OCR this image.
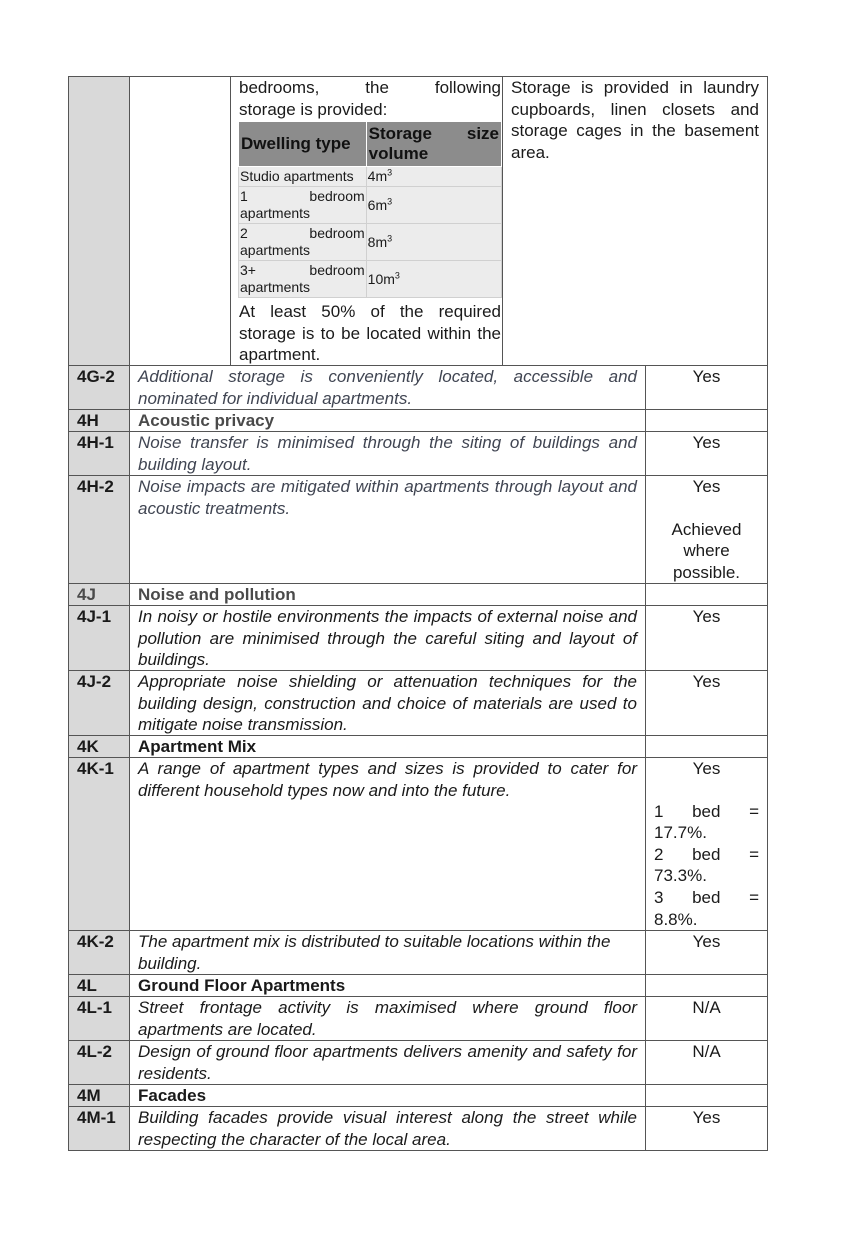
bedrooms,	the	following
storage is provided:
Dwelling type	Storage size volume
Studio apartments	$4m^3$

1 bedroom
apartments	$6m^3$

2 bedroom
apartments	$8m^3$

3+ bedroom
apartments	$10m^3$

At least 50% of the required storage is to be located within the apartment.

Storage is provided in laundry cupboards, linen closets and storage cages in the basement area.
4G-2	Additional storage is conveniently located, accessible and nominated for individual apartments.
Yes
4H	Acoustic privacy
4H-1	Noise transfer is minimised through the siting of buildings and building layout.
Yes
4H-2	Noise impacts are mitigated within apartments through layout and acoustic treatments.
Yes
Achieved where possible.
4J	Noise and pollution
4J-1	In noisy or hostile environments the impacts of external noise and pollution are minimised through the careful siting and layout of buildings.
Yes
4J-2	Appropriate noise shielding or attenuation techniques for the building design, construction and choice of materials are used to mitigate noise transmission.
Yes
4K	Apartment Mix
4K-1	A range of apartment types and sizes is provided to cater for different household types now and into the future.
Yes
1 bed =
17.7%.
2 bed =
73.3%.
3 bed =
8.8%.
4K-2	The apartment mix is distributed to suitable locations within the building.
Yes
4L	Ground Floor Apartments
4L-1	Street frontage activity is maximised where ground floor apartments are located.
N/A
4L-2	Design of ground floor apartments delivers amenity and safety for residents.
N/A
4M	Facades
4M-1	Building facades provide visual interest along the street while respecting the character of the local area.
Yes
